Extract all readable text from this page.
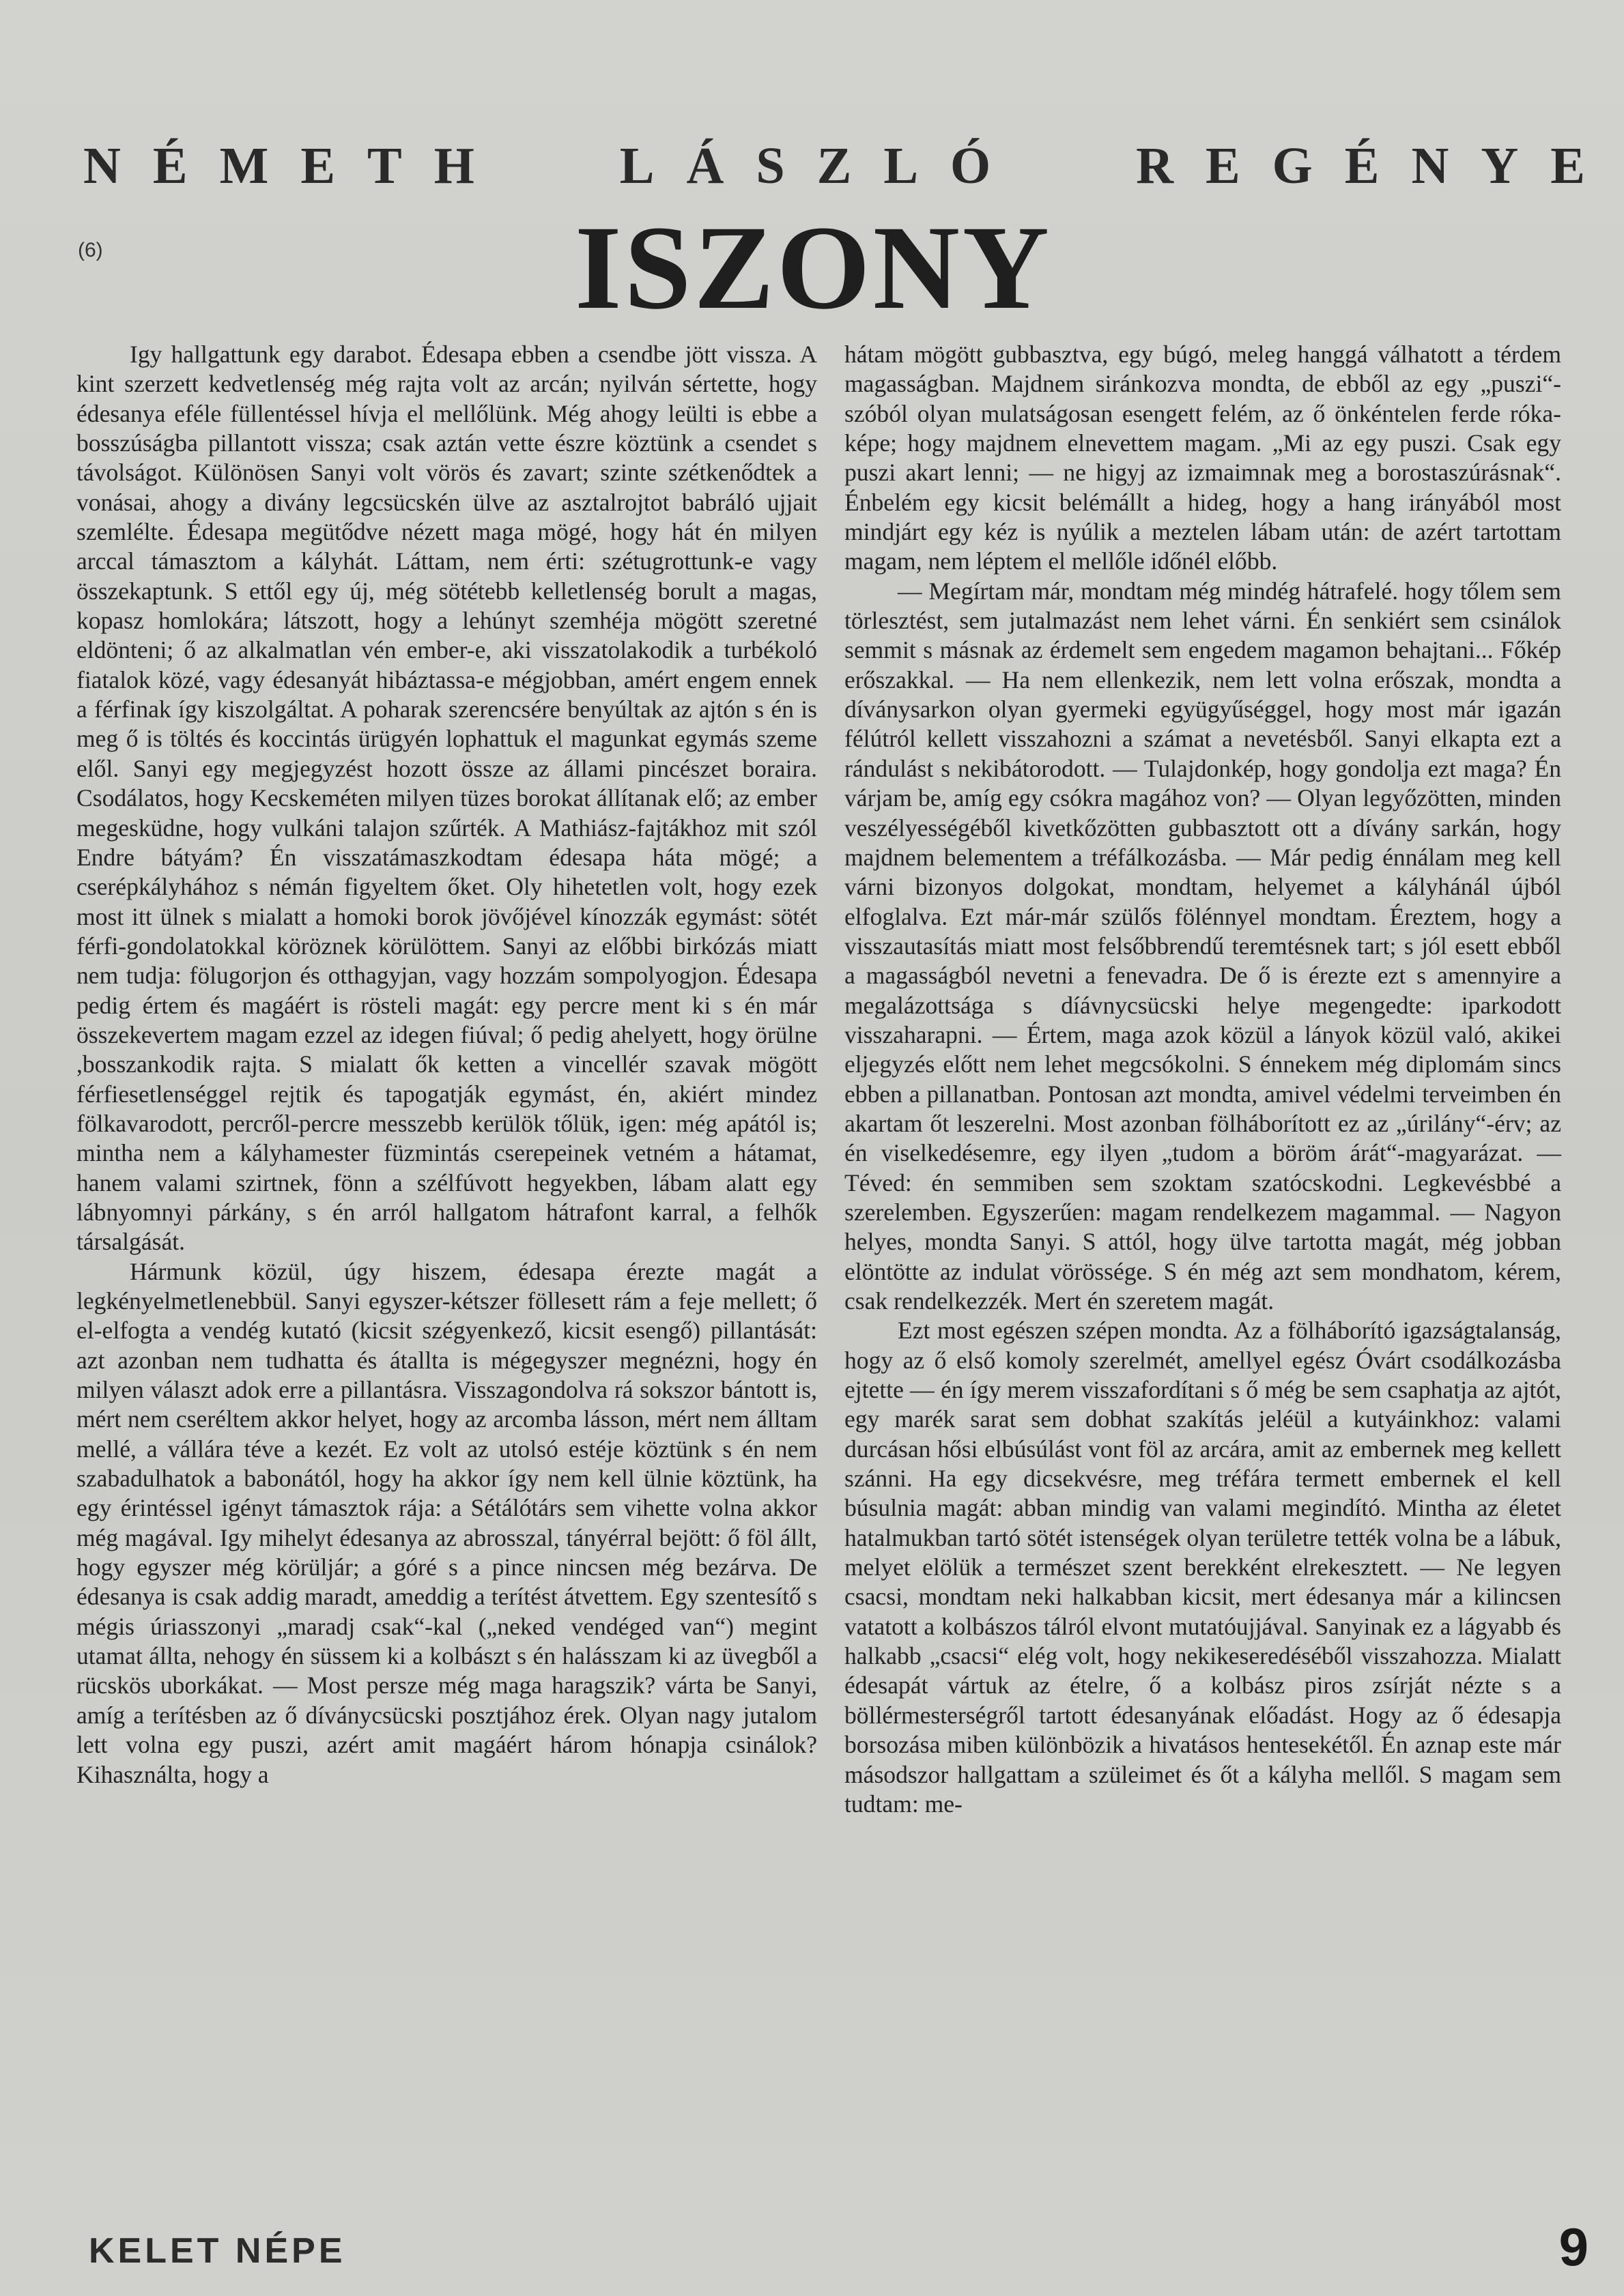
N É M E T H	L Á S Z L Ó	R E G É N Y E
(6)	ISZONY

Igy hallgattunk egy darabot. Édesapa ebben a csendbe jött vissza. A kint szerzett kedvetlenség még rajta volt az arcán; nyilván sértette, hogy édesanya eféle füllentéssel hívja el mellőlünk. Még ahogy leülti is ebbe a bosszúságba pillantott vissza; csak aztán vette észre köztünk a csendet s távolságot. Különösen Sanyi volt vörös és zavart; szinte szétkenődtek a vonásai, ahogy a divány legcsücskén ülve az asztalrojtot babráló ujjait szemlélte. Édesapa megütődve nézett maga mögé, hogy hát én milyen arccal támasztom a kályhát. Láttam, nem érti: szétugrottunk-e vagy összekaptunk. S ettől egy új, még sötétebb kelletlenség borult a magas, kopasz homlokára; látszott, hogy a lehúnyt szemhéja mögött szeretné eldönteni; ő az alkalmatlan vén ember-e, aki visszatolakodik a turbékoló fiatalok közé, vagy édesanyát hibáztassa-e mégjobban, amért engem ennek a férfinak így kiszolgáltat. A poharak szerencsére benyúltak az ajtón s én is meg ő is töltés és koccintás ürügyén lophattuk el magunkat egymás szeme elől. Sanyi egy megjegyzést hozott össze az állami pincészet boraira. Csodálatos, hogy Kecskeméten milyen tüzes borokat állítanak elő; az ember megesküdne, hogy vulkáni talajon szűrték. A Mathiász-fajtákhoz mit szól Endre bátyám? Én visszatámaszkodtam édesapa háta mögé; a cserépkályhához s némán figyeltem őket. Oly hihetetlen volt, hogy ezek most itt ülnek s mialatt a homoki borok jövőjével kínozzák egymást: sötét férfi-gondolatokkal köröznek körülöttem. Sanyi az előbbi birkózás miatt nem tudja: fölugorjon és otthagyjan, vagy hozzám sompolyogjon. Édesapa pedig értem és magáért is rösteli magát: egy percre ment ki s én már összekevertem magam ezzel az idegen fiúval; ő pedig ahelyett, hogy örülne ,bosszankodik rajta. S mialatt ők ketten a vincellér szavak mögött férfiesetlenséggel rejtik és tapogatják egymást, én, akiért mindez fölkavarodott, percről-percre messzebb kerülök tőlük, igen: még apától is; mintha nem a kályhamester füzmintás cserepeinek vetném a hátamat, hanem valami szirtnek, fönn a szélfúvott hegyekben, lábam alatt egy lábnyomnyi párkány, s én arról hallgatom hátrafont karral, a felhők társalgását.

Hármunk közül, úgy hiszem, édesapa érezte magát a legkényelmetlenebbül. Sanyi egyszer-kétszer föllesett rám a feje mellett; ő el-elfogta a vendég kutató (kicsit szégyenkező, kicsit esengő) pillantását: azt azonban nem tudhatta és átallta is mégegyszer megnézni, hogy én milyen választ adok erre a pillantásra. Visszagondolva rá sokszor bántott is, mért nem cseréltem akkor helyet, hogy az arcomba lásson, mért nem álltam mellé, a vállára téve a kezét. Ez volt az utolsó estéje köztünk s én nem szabadulhatok a babonától, hogy ha akkor így nem kell ülnie köztünk, ha egy érintéssel igényt támasztok rája: a Sétálótárs sem vihette volna akkor még magával. Igy mihelyt édesanya az abrosszal, tányérral bejött: ő föl állt, hogy egyszer még körüljár; a góré s a pince nincsen még bezárva. De édesanya is csak addig maradt, ameddig a terítést átvettem. Egy szentesítő s mégis úriasszonyi „maradj csak“-kal („neked vendéged van“) megint utamat állta, nehogy én süssem ki a kolbászt s én halásszam ki az üvegből a rücskös uborkákat. — Most persze még maga haragszik? várta be Sanyi, amíg a terítésben az ő díványcsücski posztjához érek. Olyan nagy jutalom lett volna egy puszi, azért amit magáért három hónapja csinálok? Kihasználta, hogy a

hátam mögött gubbasztva, egy búgó, meleg hanggá válhatott a térdem magasságban. Majdnem siránkozva mondta, de ebből az egy „puszi“-szóból olyan mulatságosan esengett felém, az ő önkéntelen ferde róka-képe; hogy majdnem elnevettem magam. „Mi az egy puszi. Csak egy puszi akart lenni; — ne higyj az izmaimnak meg a borostaszúrásnak“. Énbelém egy kicsit belémállt a hideg, hogy a hang irányából most mindjárt egy kéz is nyúlik a meztelen lábam után: de azért tartottam magam, nem léptem el mellőle időnél előbb.

— Megírtam már, mondtam még mindég hátrafelé. hogy tőlem sem törlesztést, sem jutalmazást nem lehet várni. Én senkiért sem csinálok semmit s másnak az érdemelt sem engedem magamon behajtani... Főkép erőszakkal. — Ha nem ellenkezik, nem lett volna erőszak, mondta a díványsarkon olyan gyermeki együgyűséggel, hogy most már igazán félútról kellett visszahozni a számat a nevetésből. Sanyi elkapta ezt a rándulást s nekibátorodott. — Tulajdonkép, hogy gondolja ezt maga? Én várjam be, amíg egy csókra magához von? — Olyan legyőzötten, minden veszélyességéből kivetkőzötten gubbasztott ott a dívány sarkán, hogy majdnem belementem a tréfálkozásba. — Már pedig énnálam meg kell várni bizonyos dolgokat, mondtam, helyemet a kályhánál újból elfoglalva. Ezt már-már szülős fölénnyel mondtam. Éreztem, hogy a visszautasítás miatt most felsőbbrendű teremtésnek tart; s jól esett ebből a magasságból nevetni a fenevadra. De ő is érezte ezt s amennyire a megalázottsága s díávnycsücski helye megengedte: iparkodott visszaharapni. — Értem, maga azok közül a lányok közül való, akikei eljegyzés előtt nem lehet megcsókolni. S énnekem még diplomám sincs ebben a pillanatban. Pontosan azt mondta, amivel védelmi terveimben én akartam őt leszerelni. Most azonban fölháborított ez az „úrilány“-érv; az én viselkedésemre, egy ilyen „tudom a böröm árát“-magyarázat. — Téved: én semmiben sem szoktam szatócskodni. Legkevésbbé a szerelemben. Egyszerűen: magam rendelkezem magammal. — Nagyon helyes, mondta Sanyi. S attól, hogy ülve tartotta magát, még jobban elöntötte az indulat vörössége. S én még azt sem mondhatom, kérem, csak rendelkezzék. Mert én szeretem magát.

Ezt most egészen szépen mondta. Az a fölháborító igazságtalanság, hogy az ő első komoly szerelmét, amellyel egész Óvárt csodálkozásba ejtette — én így merem visszafordítani s ő még be sem csaphatja az ajtót, egy marék sarat sem dobhat szakítás jeléül a kutyáinkhoz: valami durcásan hősi elbúsúlást vont föl az arcára, amit az embernek meg kellett szánni. Ha egy dicsekvésre, meg tréfára termett embernek el kell búsulnia magát: abban mindig van valami megindító. Mintha az életet hatalmukban tartó sötét istenségek olyan területre tették volna be a lábuk, melyet elölük a természet szent berekként elrekesztett. — Ne legyen csacsi, mondtam neki halkabban kicsit, mert édesanya már a kilincsen vatatott a kolbászos tálról elvont mutatóujjával. Sanyinak ez a lágyabb és halkabb „csacsi“ elég volt, hogy nekikeseredéséből visszahozza. Mialatt édesapát vártuk az ételre, ő a kolbász piros zsírját nézte s a böllérmesterségről tartott édesanyának előadást. Hogy az ő édesapja borsozása miben különbözik a hivatásos hentesekétől. Én aznap este már másodszor hallgattam a szüleimet és őt a kályha mellől. S magam sem tudtam: me-

KELET NÉPE	9
